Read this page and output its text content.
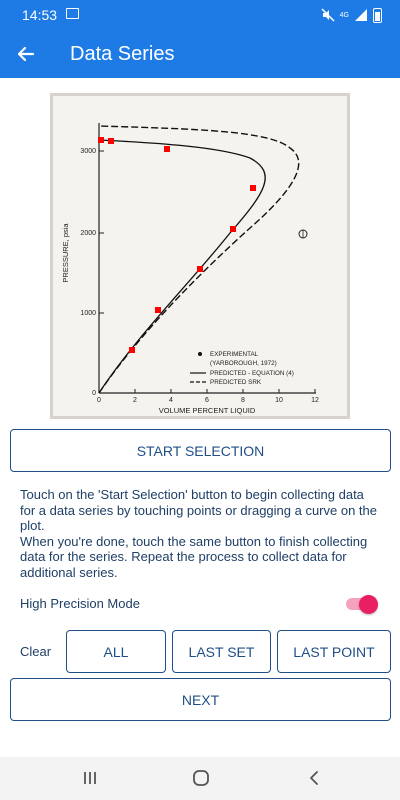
14:53	4G
Data Series
0
1000
2000
3000
0	2	4	6	8	10	12
VOLUME PERCENT LIQUID
PRESSURE, psia
EXPERIMENTAL
(YARBOROUGH, 1972)
PREDICTED - EQUATION (4)
PREDICTED SRK
START SELECTION
Touch on the 'Start Selection' button to begin collecting data for a data series by touching points or dragging a curve on the plot.
When you're done, touch the same button to finish collecting data for the series. Repeat the process to collect data for additional series.
High Precision Mode
Clear	ALL	LAST SET	LAST POINT
NEXT
